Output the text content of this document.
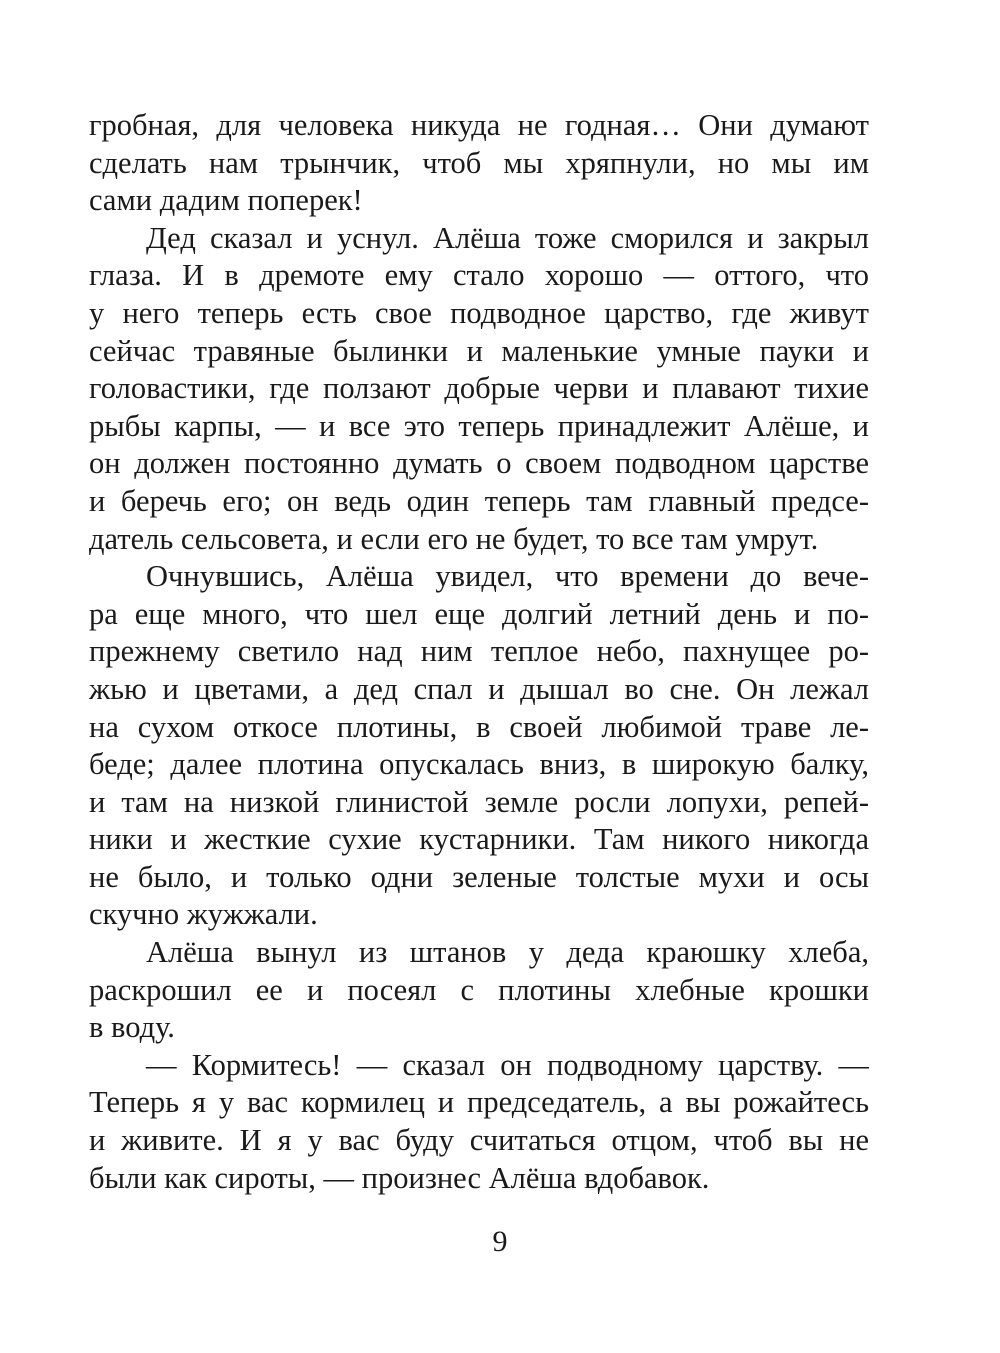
гробная, для человека никуда не годная… Они думают
сделать нам трынчик, чтоб мы хряпнули, но мы им
сами дадим поперек!
Дед сказал и уснул. Алёша тоже сморился и закрыл
глаза. И в дремоте ему стало хорошо — оттого, что
у него теперь есть свое подводное царство, где живут
сейчас травяные былинки и маленькие умные пауки и
головастики, где ползают добрые черви и плавают тихие
рыбы карпы, — и все это теперь принадлежит Алёше, и
он должен постоянно думать о своем подводном царстве
и беречь его; он ведь один теперь там главный предсе-
датель сельсовета, и если его не будет, то все там умрут.
Очнувшись, Алёша увидел, что времени до вече-
ра еще много, что шел еще долгий летний день и по-
прежнему светило над ним теплое небо, пахнущее ро-
жью и цветами, а дед спал и дышал во сне. Он лежал
на сухом откосе плотины, в своей любимой траве ле-
беде; далее плотина опускалась вниз, в широкую балку,
и там на низкой глинистой земле росли лопухи, репей-
ники и жесткие сухие кустарники. Там никого никогда
не было, и только одни зеленые толстые мухи и осы
скучно жужжали.
Алёша вынул из штанов у деда краюшку хлеба,
раскрошил ее и посеял с плотины хлебные крошки
в воду.
— Кормитесь! — сказал он подводному царству. —
Теперь я у вас кормилец и председатель, а вы рожайтесь
и живите. И я у вас буду считаться отцом, чтоб вы не
были как сироты, — произнес Алёша вдобавок.
9
